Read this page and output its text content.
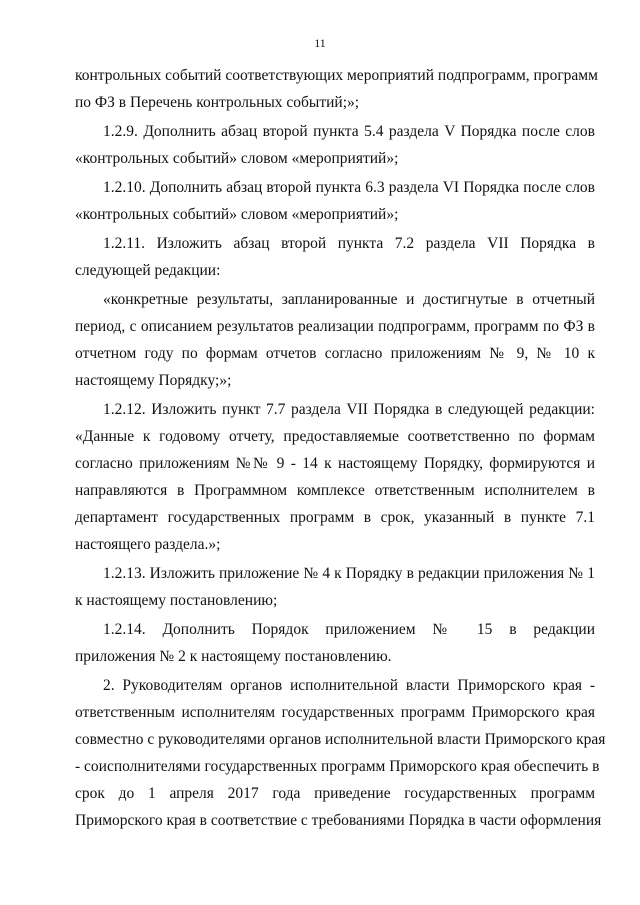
11
контрольных событий соответствующих мероприятий подпрограмм, программ
по ФЗ в Перечень контрольных событий;»;
1.2.9. Дополнить абзац второй пункта 5.4 раздела V Порядка после слов
«контрольных событий» словом «мероприятий»;
1.2.10. Дополнить абзац второй пункта 6.3 раздела VI Порядка после слов
«контрольных событий» словом «мероприятий»;
1.2.11. Изложить абзац второй пункта 7.2 раздела VII Порядка в
следующей редакции:
«конкретные результаты, запланированные и достигнутые в отчетный
период, с описанием результатов реализации подпрограмм, программ по ФЗ в
отчетном году по формам отчетов согласно приложениям № 9, № 10 к
настоящему Порядку;»;
1.2.12. Изложить пункт 7.7 раздела VII Порядка в следующей редакции:
«Данные к годовому отчету, предоставляемые соответственно по формам
согласно приложениям №№ 9 - 14 к настоящему Порядку, формируются и
направляются в Программном комплексе ответственным исполнителем в
департамент государственных программ в срок, указанный в пункте 7.1
настоящего раздела.»;
1.2.13. Изложить приложение № 4 к Порядку в редакции приложения № 1
к настоящему постановлению;
1.2.14. Дополнить Порядок приложением № 15 в редакции
приложения № 2 к настоящему постановлению.
2. Руководителям органов исполнительной власти Приморского края -
ответственным исполнителям государственных программ Приморского края
совместно с руководителями органов исполнительной власти Приморского края
- соисполнителями государственных программ Приморского края обеспечить в
срок до 1 апреля 2017 года приведение государственных программ
Приморского края в соответствие с требованиями Порядка в части оформления
